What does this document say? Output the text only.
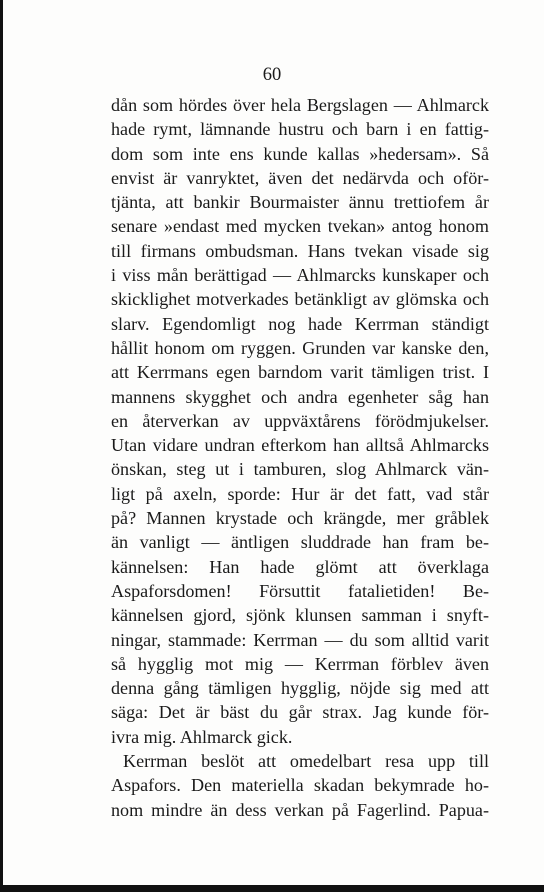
60
dån som hördes över hela Bergslagen — Ahlmarck
hade rymt, lämnande hustru och barn i en fattig-
dom som inte ens kunde kallas »hedersam». Så
envist är vanryktet, även det nedärvda och oför-
tjänta, att bankir Bourmaister ännu trettiofem år
senare »endast med mycken tvekan» antog honom
till firmans ombudsman. Hans tvekan visade sig
i viss mån berättigad — Ahlmarcks kunskaper och
skicklighet motverkades betänkligt av glömska och
slarv. Egendomligt nog hade Kerrman ständigt
hållit honom om ryggen. Grunden var kanske den,
att Kerrmans egen barndom varit tämligen trist. I
mannens skygghet och andra egenheter såg han
en återverkan av uppväxtårens förödmjukelser.
Utan vidare undran efterkom han alltså Ahlmarcks
önskan, steg ut i tamburen, slog Ahlmarck vän-
ligt på axeln, sporde: Hur är det fatt, vad står
på? Mannen krystade och krängde, mer gråblek
än vanligt — äntligen sluddrade han fram be-
kännelsen: Han hade glömt att överklaga
Aspaforsdomen! Försuttit fatalietiden! Be-
kännelsen gjord, sjönk klunsen samman i snyft-
ningar, stammade: Kerrman — du som alltid varit
så hygglig mot mig — Kerrman förblev även
denna gång tämligen hygglig, nöjde sig med att
säga: Det är bäst du går strax. Jag kunde för-
ivra mig. Ahlmarck gick.
Kerrman beslöt att omedelbart resa upp till
Aspafors. Den materiella skadan bekymrade ho-
nom mindre än dess verkan på Fagerlind. Papua-
